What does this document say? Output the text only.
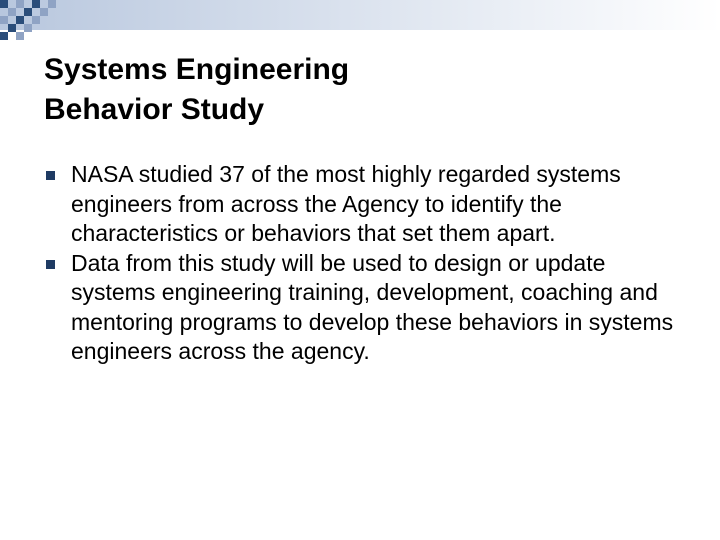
Systems Engineering
Behavior Study
NASA studied 37 of the most highly regarded systems engineers from across the Agency to identify the characteristics or behaviors that set them apart.
Data from this study will be used to design or update systems engineering training, development, coaching and mentoring programs to develop these behaviors in systems engineers across the agency.
